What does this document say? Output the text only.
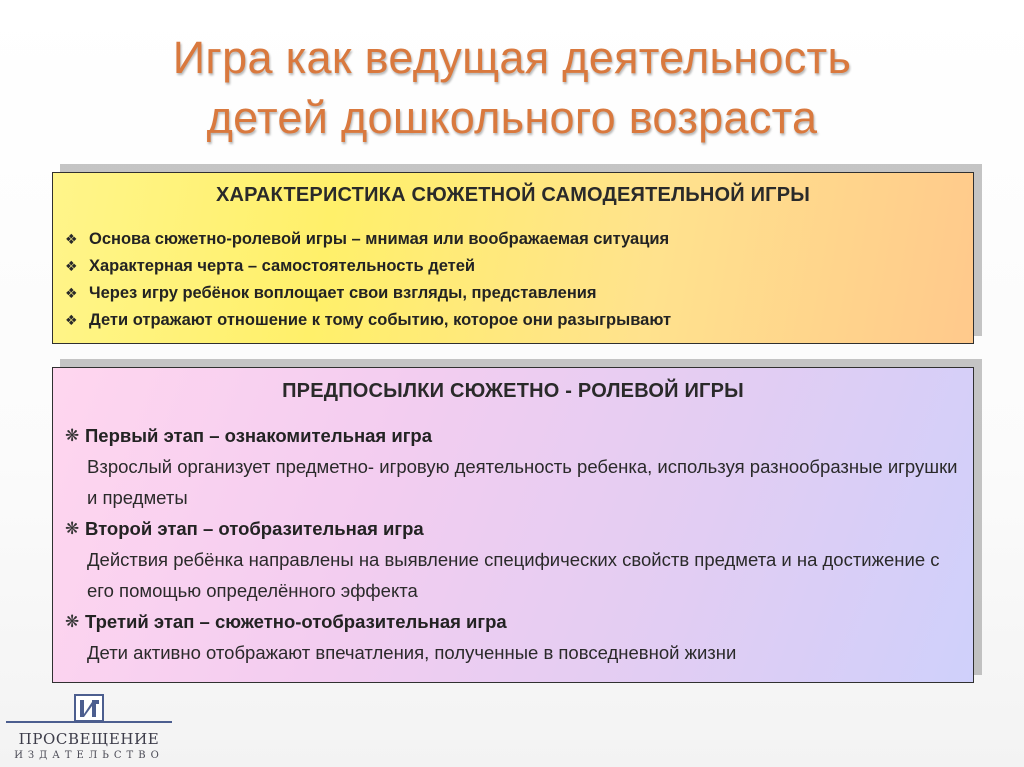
Игра как ведущая деятельность
детей дошкольного возраста
ХАРАКТЕРИСТИКА СЮЖЕТНОЙ САМОДЕЯТЕЛЬНОЙ ИГРЫ
❖ Основа сюжетно-ролевой игры – мнимая или воображаемая ситуация
❖ Характерная черта – самостоятельность детей
❖ Через игру ребёнок воплощает свои взгляды, представления
❖ Дети отражают отношение к тому событию, которое они разыгрывают
ПРЕДПОСЫЛКИ СЮЖЕТНО - РОЛЕВОЙ ИГРЫ
❋ Первый этап – ознакомительная игра
Взрослый организует предметно- игровую деятельность ребенка, используя разнообразные игрушки и предметы
❋ Второй этап – отобразительная игра
Действия ребёнка направлены на выявление специфических свойств предмета и на достижение с его помощью определённого эффекта
❋ Третий этап – сюжетно-отобразительная игра
Дети активно отображают впечатления, полученные в повседневной жизни
ПРОСВЕЩЕНИЕ
ИЗДАТЕЛЬСТВО
